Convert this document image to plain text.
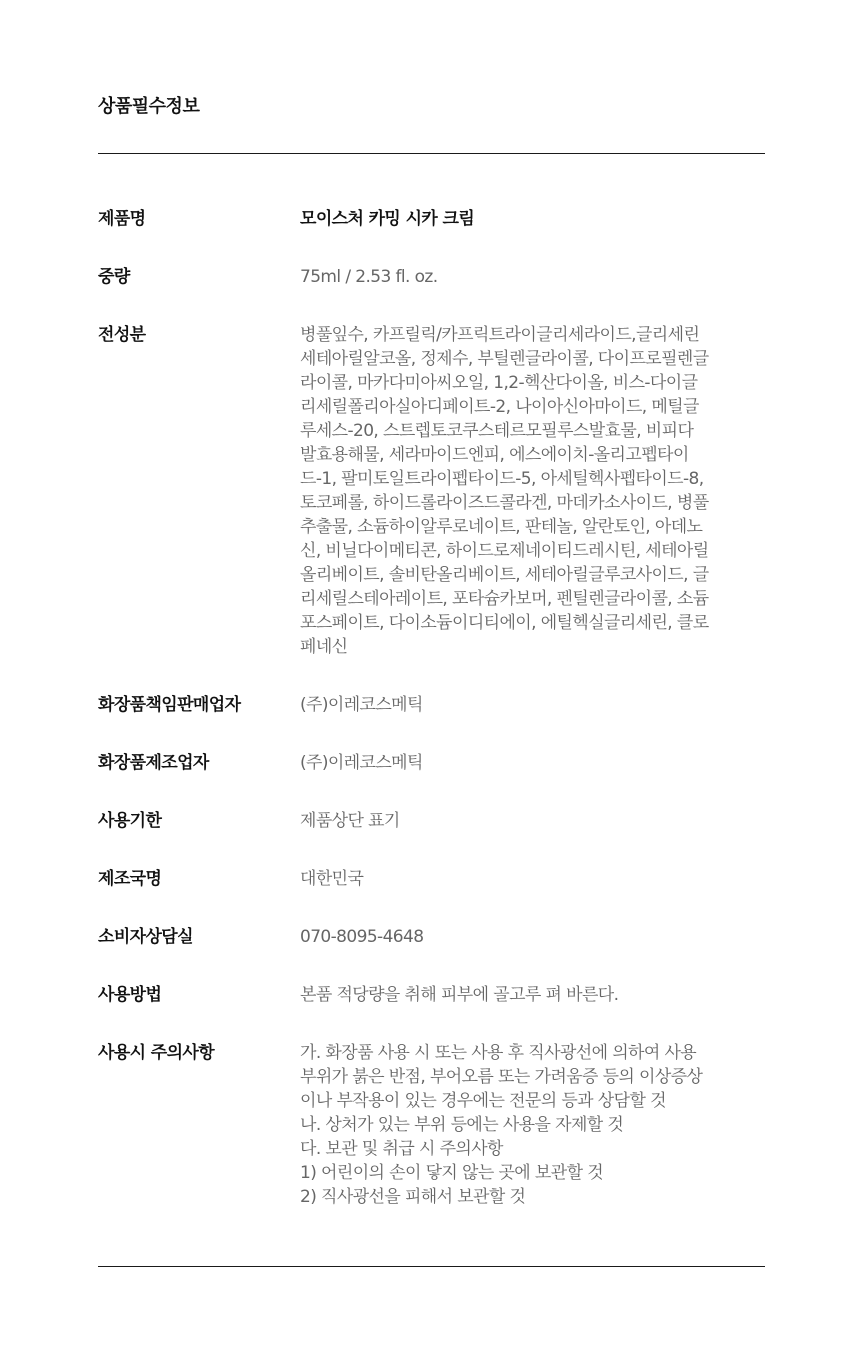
상품필수정보
제품명	모이스처 카밍 시카 크림
중량	75ml / 2.53 fl. oz.
전성분	병풀잎수, 카프릴릭/카프릭트라이글리세라이드,글리세린
세테아릴알코올, 정제수, 부틸렌글라이콜, 다이프로필렌글
라이콜, 마카다미아씨오일, 1,2-헥산다이올, 비스-다이글
리세릴폴리아실아디페이트-2, 나이아신아마이드, 메틸글
루세스-20, 스트렙토코쿠스테르모필루스발효물, 비피다
발효용해물, 세라마이드엔피, 에스에이치-올리고펩타이
드-1, 팔미토일트라이펩타이드-5, 아세틸헥사펩타이드-8,
토코페롤, 하이드롤라이즈드콜라겐, 마데카소사이드, 병풀
추출물, 소듐하이알루로네이트, 판테놀, 알란토인, 아데노
신, 비닐다이메티콘, 하이드로제네이티드레시틴, 세테아릴
올리베이트, 솔비탄올리베이트, 세테아릴글루코사이드, 글
리세릴스테아레이트, 포타슘카보머, 펜틸렌글라이콜, 소듐
포스페이트, 다이소듐이디티에이, 에틸헥실글리세린, 클로
페네신
화장품책임판매업자	(주)이레코스메틱
화장품제조업자	(주)이레코스메틱
사용기한	제품상단 표기
제조국명	대한민국
소비자상담실	070-8095-4648
사용방법	본품 적당량을 취해 피부에 골고루 펴 바른다.
사용시 주의사항	가. 화장품 사용 시 또는 사용 후 직사광선에 의하여 사용
부위가 붉은 반점, 부어오름 또는 가려움증 등의 이상증상
이나 부작용이 있는 경우에는 전문의 등과 상담할 것
나. 상처가 있는 부위 등에는 사용을 자제할 것
다. 보관 및 취급 시 주의사항
1) 어린이의 손이 닿지 않는 곳에 보관할 것
2) 직사광선을 피해서 보관할 것
